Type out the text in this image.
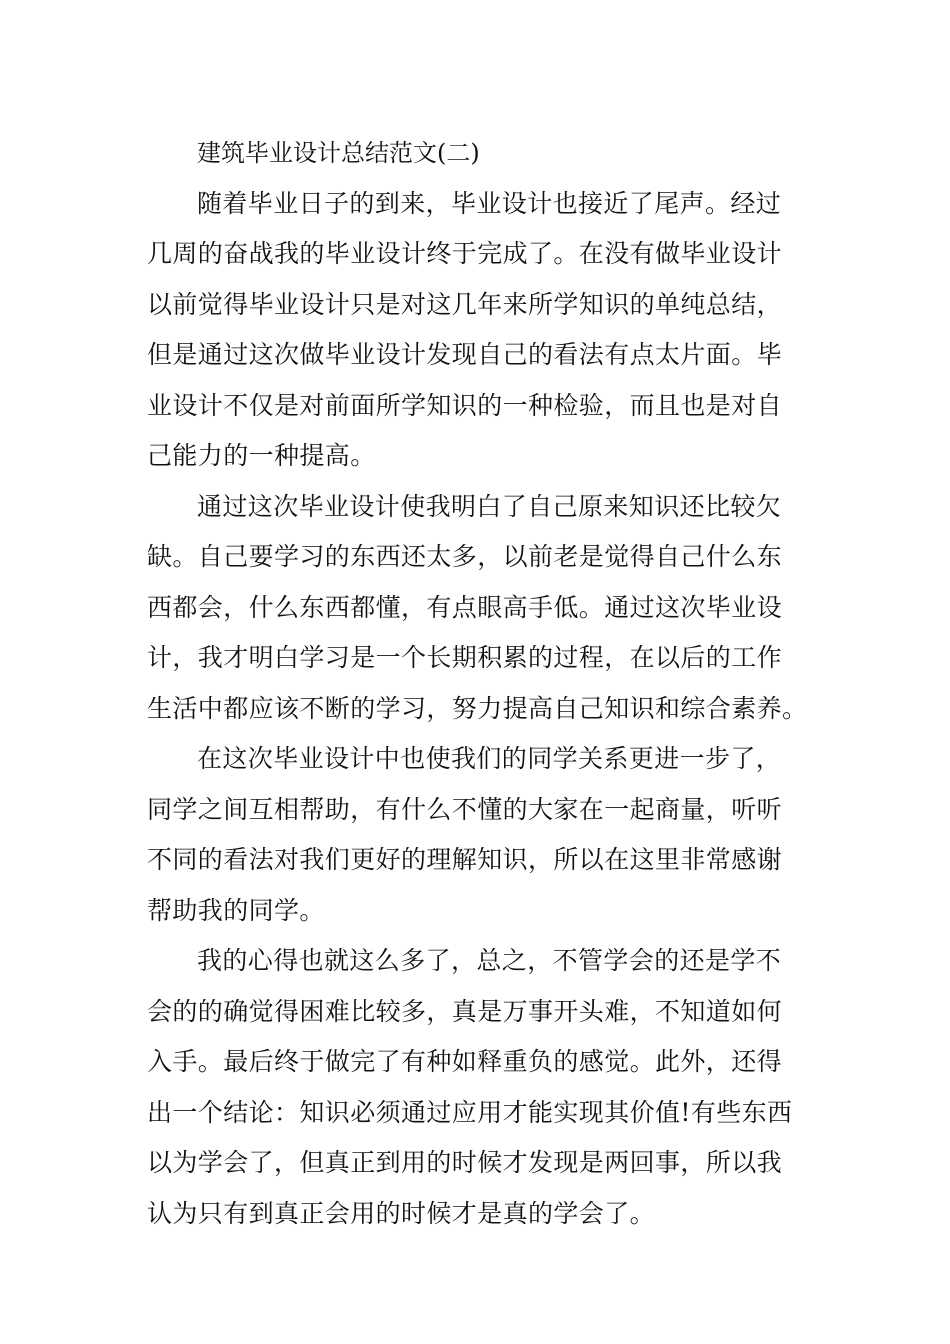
建筑毕业设计总结范文(二)
随着毕业日子的到来，毕业设计也接近了尾声。经过
几周的奋战我的毕业设计终于完成了。在没有做毕业设计
以前觉得毕业设计只是对这几年来所学知识的单纯总结，
但是通过这次做毕业设计发现自己的看法有点太片面。毕
业设计不仅是对前面所学知识的一种检验，而且也是对自
己能力的一种提高。
通过这次毕业设计使我明白了自己原来知识还比较欠
缺。自己要学习的东西还太多，以前老是觉得自己什么东
西都会，什么东西都懂，有点眼高手低。通过这次毕业设
计，我才明白学习是一个长期积累的过程，在以后的工作
生活中都应该不断的学习，努力提高自己知识和综合素养。
在这次毕业设计中也使我们的同学关系更进一步了，
同学之间互相帮助，有什么不懂的大家在一起商量，听听
不同的看法对我们更好的理解知识，所以在这里非常感谢
帮助我的同学。
我的心得也就这么多了，总之，不管学会的还是学不
会的的确觉得困难比较多，真是万事开头难，不知道如何
入手。最后终于做完了有种如释重负的感觉。此外，还得
出一个结论：知识必须通过应用才能实现其价值!有些东西
以为学会了，但真正到用的时候才发现是两回事，所以我
认为只有到真正会用的时候才是真的学会了。
